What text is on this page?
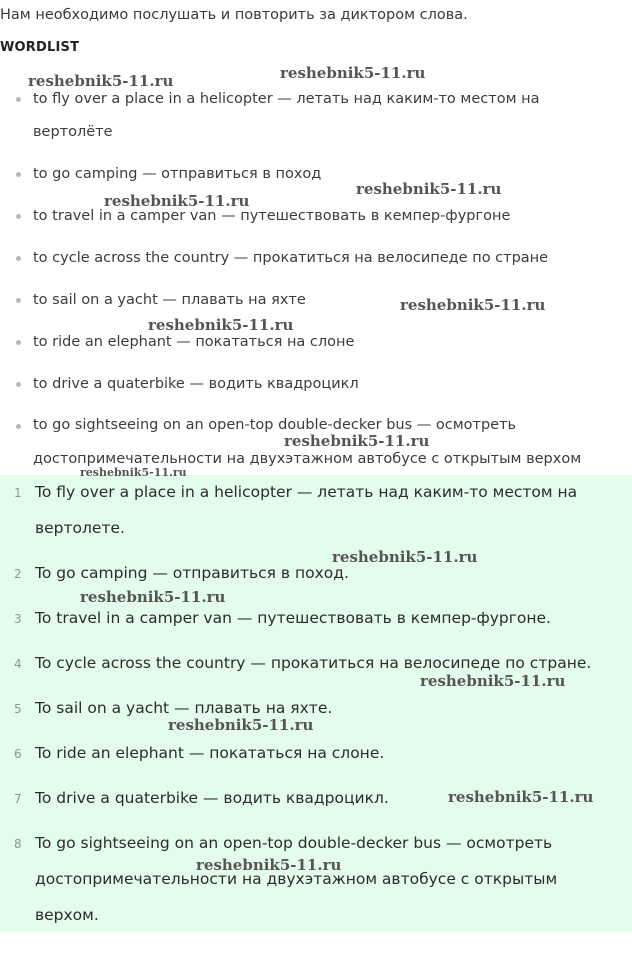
Нам необходимо послушать и повторить за диктором слова.
WORDLIST
to fly over a place in a helicopter — летать над каким-то местом на
вертолёте
to go camping — отправиться в поход
to travel in a camper van — путешествовать в кемпер-фургоне
to cycle across the country — прокатиться на велосипеде по стране
to sail on a yacht — плавать на яхте
to ride an elephant — покататься на слоне
to drive a quaterbike — водить квадроцикл
to go sightseeing on an open-top double-decker bus — осмотреть
достопримечательности на двухэтажном автобусе с открытым верхом
1 To fly over a place in a helicopter — летать над каким-то местом на
вертолете.
2 To go camping — отправиться в поход.
3 To travel in a camper van — путешествовать в кемпер-фургоне.
4 To cycle across the country — прокатиться на велосипеде по стране.
5 To sail on a yacht — плавать на яхте.
6 To ride an elephant — покататься на слоне.
7 To drive a quaterbike — водить квадроцикл.
8 To go sightseeing on an open-top double-decker bus — осмотреть
достопримечательности на двухэтажном автобусе с открытым
верхом.
reshebnik5-11.ru	reshebnik5-11.ru
reshebnik5-11.ru
reshebnik5-11.ru
reshebnik5-11.ru
reshebnik5-11.ru
reshebnik5-11.ru
reshebnik5-11.ru
reshebnik5-11.ru
reshebnik5-11.ru
reshebnik5-11.ru
reshebnik5-11.ru
reshebnik5-11.ru
reshebnik5-11.ru
